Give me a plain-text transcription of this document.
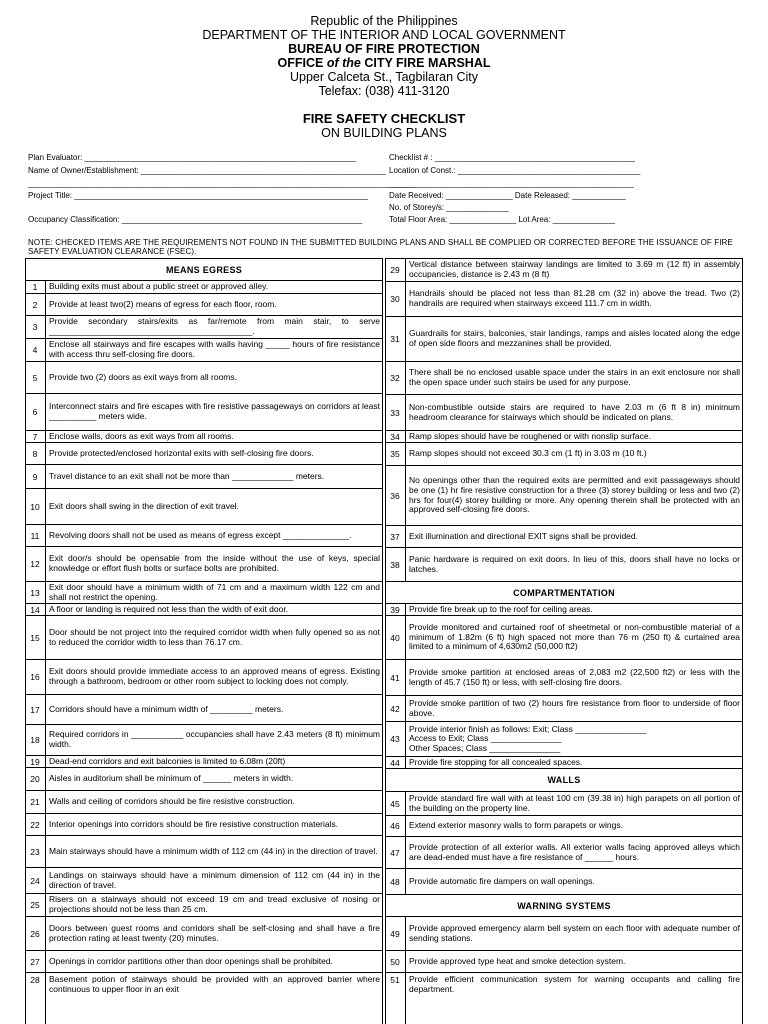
Republic of the Philippines
DEPARTMENT OF THE INTERIOR AND LOCAL GOVERNMENT
BUREAU OF FIRE PROTECTION
OFFICE of the CITY FIRE MARSHAL
Upper Calceta St., Tagbilaran City
Telefax: (038) 411-3120
FIRE SAFETY CHECKLIST
ON BUILDING PLANS
Plan Evaluator: _____________________________________________________________
Name of Owner/Establishment: _______________________________________________________
_______________________________________________________________________________________
Project Title: __________________________________________________________________
Occupancy Classification: ______________________________________________________
Checklist # : _____________________________________________
Location of Const.: _________________________________________
_______________________________________________________
Date Received: _______________ Date Released: ____________
No. of Storey/s: ______________
Total Floor Area: _______________ Lot Area: ______________
NOTE: CHECKED ITEMS ARE THE REQUIREMENTS NOT FOUND IN THE SUBMITTED BUILDING PLANS AND SHALL BE COMPLIED OR CORRECTED BEFORE THE ISSUANCE OF FIRE SAFETY EVALUATION CLEARANCE (FSEC).
MEANS EGRESS
1	Building exits must about a public street or approved alley.
2	Provide at least two(2) means of egress for each floor, room.
3
Provide secondary stairs/exits as far/remote from main stair, to serve ___________________________________________.
4
Enclose all stairways and fire escapes with walls having _____ hours of fire resistance with access thru self-closing fire doors.
5	Provide two (2) doors as exit ways from all rooms.
6
Interconnect stairs and fire escapes with fire resistive passageways on corridors at least __________ meters wide.
7	Enclose walls, doors as exit ways from all rooms.
8	Provide protected/enclosed horizontal exits with self-closing fire doors.
9	Travel distance to an exit shall not be more than _____________ meters.
10	Exit doors shall swing in the direction of exit travel.
11	Revolving doors shall not be used as means of egress except ______________.
12
Exit door/s should be opensable from the inside without the use of keys, special knowledge or effort flush bolts or surface bolts are prohibited.
13
Exit door should have a minimum width of 71 cm and a maximum width 122 cm and shall not restrict the opening.
14	A floor or landing is required not less than the width of exit door.
15
Door should be not project into the required corridor width when fully opened so as not to reduced the corridor width to less than 76.17 cm.
16
Exit doors should provide immediate access to an approved means of egress. Existing through a bathroom, bedroom or other room subject to locking does not comply.
17	Corridors should have a minimum width of _________ meters.
18
Required corridors in ___________ occupancies shall have 2.43 meters (8 ft) minimum width.
19	Dead-end corridors and exit balconies is limited to 6.08m (20ft)
20	Aisles in auditorium shall be minimum of ______ meters in width.
21	Walls and ceiling of corridors should be fire resistive construction.
22	Interior openings into corridors should be fire resistive construction materials.
23	Main stairways should have a minimum width of 112 cm (44 in) in the direction of travel.
24
Landings on stairways should have a minimum dimension of 112 cm (44 in) in the direction of travel.
25
Risers on a stairways should not exceed 19 cm and tread exclusive of nosing or projections should not be less than 25 cm.
26
Doors between guest rooms and corridors shall be self-closing and shall have a fire protection rating at least twenty (20) minutes.
27	Openings in corridor partitions other than door openings shall be prohibited.
28	Basement potion of stairways should be provided with an approved barrier where continuous to upper floor in an exit
29
Vertical distance between stairway landings are limited to 3.69 m (12 ft) in assembly occupancies, distance is 2.43 m (8 ft)
30
Handrails should be placed not less than 81.28 cm (32 in) above the tread. Two (2) handrails are required when stairways exceed 111.7 cm in width.
31
Guardrails for stairs, balconies, stair landings, ramps and aisles located along the edge of open side floors and mezzanines shall be provided.
32
There shall be no enclosed usable space under the stairs in an exit enclosure nor shall the open space under such stairs be used for any purpose.
33
Non-combustible outside stairs are required to have 2.03 m (6 ft 8 in) minimum headroom clearance for stairways which should be indicated on plans.
34	Ramp slopes should have be roughened or with nonslip surface.
35	Ramp slopes should not exceed 30.3 cm (1 ft) in 3.03 m (10 ft.)
36
No openings other than the required exits are permitted and exit passageways should be one (1) hr fire resistive construction for a three (3) storey building or less and two (2) hrs for four(4) storey building or more. Any opening therein shall be protected with an approved self-closing fire doors.
37	Exit illumination and directional EXIT signs shall be provided.
38
Panic hardware is required on exit doors. In lieu of this, doors shall have no locks or latches.
COMPARTMENTATION
39	Provide fire break up to the roof for ceiling areas.
40
Provide monitored and curtained roof of sheetmetal or non-combustible material of a minimum of 1.82m (6 ft) high spaced not more than 76 m (250 ft) & curtained area limited to a minimum of 4,630m2 (50,000 ft2)
41
Provide smoke partition at enclosed areas of 2,083 m2 (22,500 ft2) or less with the length of 45.7 (150 ft) or less, with self-closing fire doors.
42
Provide smoke partition of two (2) hours fire resistance from floor to underside of floor above.
43
Provide interior finish as follows: Exit; Class _______________
Access to Exit; Class _______________
Other Spaces; Class _______________
44	Provide fire stopping for all concealed spaces.
WALLS
45
Provide standard fire wall with at least 100 cm (39.38 in) high parapets on all portion of the building on the property line.
46	Extend exterior masonry walls to form parapets or wings.
47
Provide protection of all exterior walls. All exterior walls facing approved alleys which are dead-ended must have a fire resistance of ______ hours.
48	Provide automatic fire dampers on wall openings.
WARNING SYSTEMS
49
Provide approved emergency alarm bell system on each floor with adequate number of sending stations.
50	Provide approved type heat and smoke detection system.
51	Provide efficient communication system for warning occupants and calling fire department.
